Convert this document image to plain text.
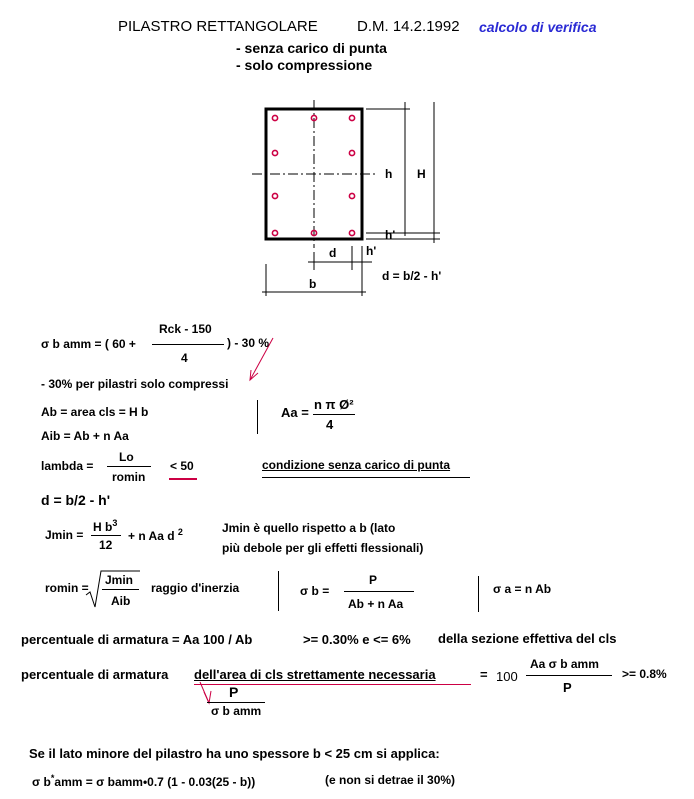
PILASTRO RETTANGOLARE	D.M. 14.2.1992 calcolo di verifica
- senza carico di punta
- solo compressione
h H
h'
h'
d
b
d = b/2 - h'
σ b amm = ( 60 +
Rck - 150
4
) - 30 %
- 30% per pilastri solo compressi
Ab = area cls = H b
Aib = Ab + n Aa
Aa =
n π Ø²
4
lambda =
Lo
romin
< 50	condizione senza carico di punta
d = b/2 - h'
Jmin =
H $b^3$
12
+ n Aa d $^2$	Jmin è quello rispetto a b (lato
più debole per gli effetti flessionali)
romin =
Jmin
Aib
raggio d'inerzia	σ b =
P
Ab + n Aa
σ a = n Ab
percentuale di armatura = Aa 100 / Ab	>= 0.30% e <= 6% della sezione effettiva del cls
percentuale di armatura dell'area di cls strettamente necessaria	= 100
Aa σ b amm
P
>= 0.8%
P
σ b amm
Se il lato minore del pilastro ha uno spessore b < 25 cm si applica:
σ b*amm = σ bamm•0.7 (1 - 0.03(25 - b))	(e non si detrae il 30%)
